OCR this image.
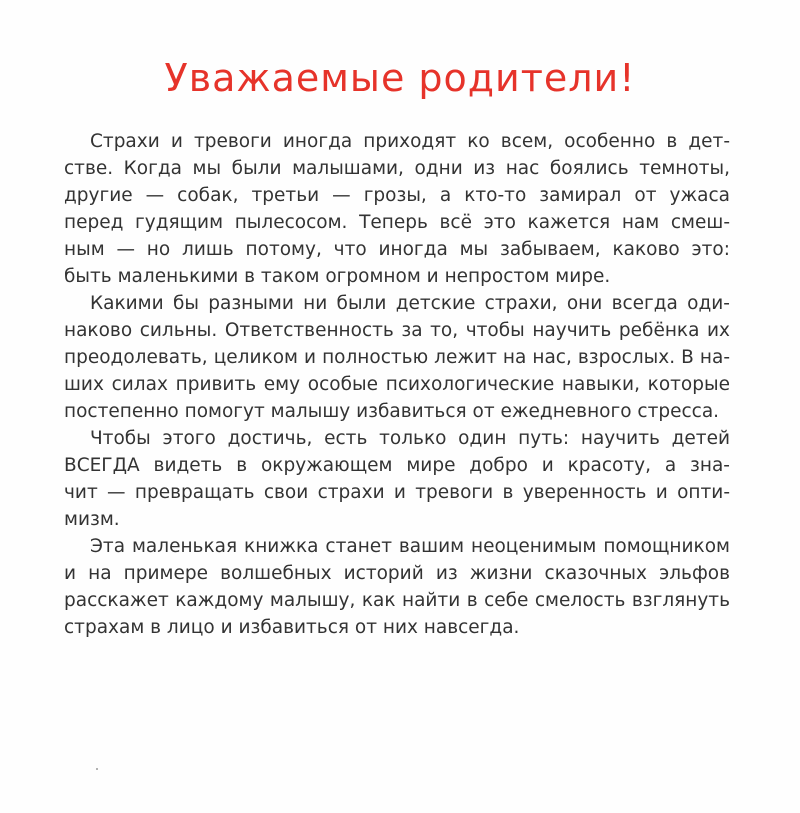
Уважаемые родители!
Страхи и тревоги иногда приходят ко всем, особенно в дет-
стве. Когда мы были малышами, одни из нас боялись темноты,
другие — собак, третьи — грозы, а кто-то замирал от ужаса
перед гудящим пылесосом. Теперь всё это кажется нам смеш-
ным — но лишь потому, что иногда мы забываем, каково это:
быть маленькими в таком огромном и непростом мире.
Какими бы разными ни были детские страхи, они всегда оди-
наково сильны. Ответственность за то, чтобы научить ребёнка их
преодолевать, целиком и полностью лежит на нас, взрослых. В на-
ших силах привить ему особые психологические навыки, которые
постепенно помогут малышу избавиться от ежедневного стресса.
Чтобы этого достичь, есть только один путь: научить детей
ВСЕГДА видеть в окружающем мире добро и красоту, а зна-
чит — превращать свои страхи и тревоги в уверенность и опти-
мизм.
Эта маленькая книжка станет вашим неоценимым помощником
и на примере волшебных историй из жизни сказочных эльфов
расскажет каждому малышу, как найти в себе смелость взглянуть
страхам в лицо и избавиться от них навсегда.
